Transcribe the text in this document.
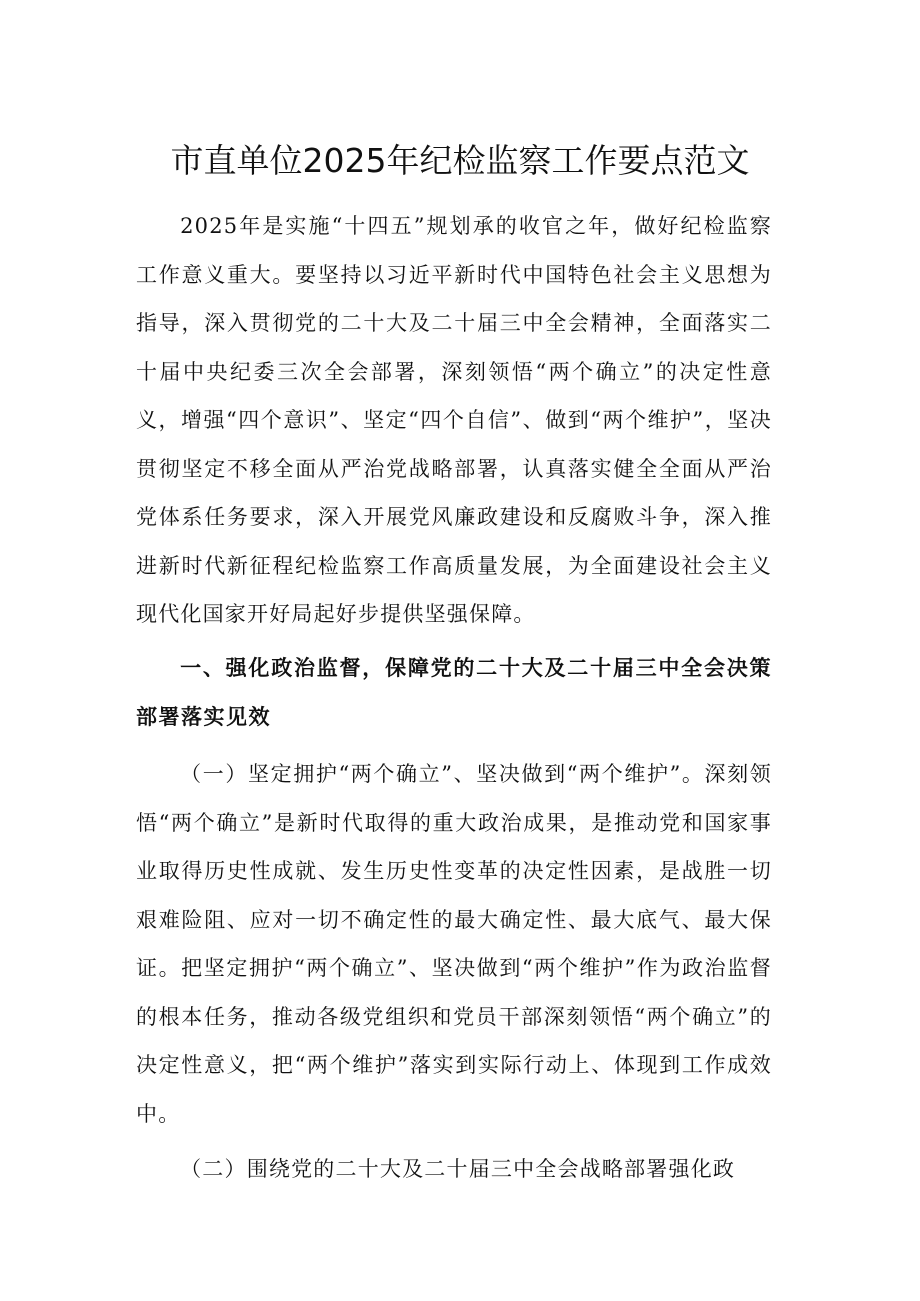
市直单位2025年纪检监察工作要点范文

2025年是实施“十四五”规划承的收官之年，做好纪检监察工作意义重大。要坚持以习近平新时代中国特色社会主义思想为指导，深入贯彻党的二十大及二十届三中全会精神，全面落实二十届中央纪委三次全会部署，深刻领悟“两个确立”的决定性意义，增强“四个意识”、坚定“四个自信”、做到“两个维护”，坚决贯彻坚定不移全面从严治党战略部署，认真落实健全全面从严治党体系任务要求，深入开展党风廉政建设和反腐败斗争，深入推进新时代新征程纪检监察工作高质量发展，为全面建设社会主义现代化国家开好局起好步提供坚强保障。

一、强化政治监督，保障党的二十大及二十届三中全会决策部署落实见效

（一）坚定拥护“两个确立”、坚决做到“两个维护”。深刻领悟“两个确立”是新时代取得的重大政治成果，是推动党和国家事业取得历史性成就、发生历史性变革的决定性因素，是战胜一切艰难险阻、应对一切不确定性的最大确定性、最大底气、最大保证。把坚定拥护“两个确立”、坚决做到“两个维护”作为政治监督的根本任务，推动各级党组织和党员干部深刻领悟“两个确立”的决定性意义，把“两个维护”落实到实际行动上、体现到工作成效中。

（二）围绕党的二十大及二十届三中全会战略部署强化政
